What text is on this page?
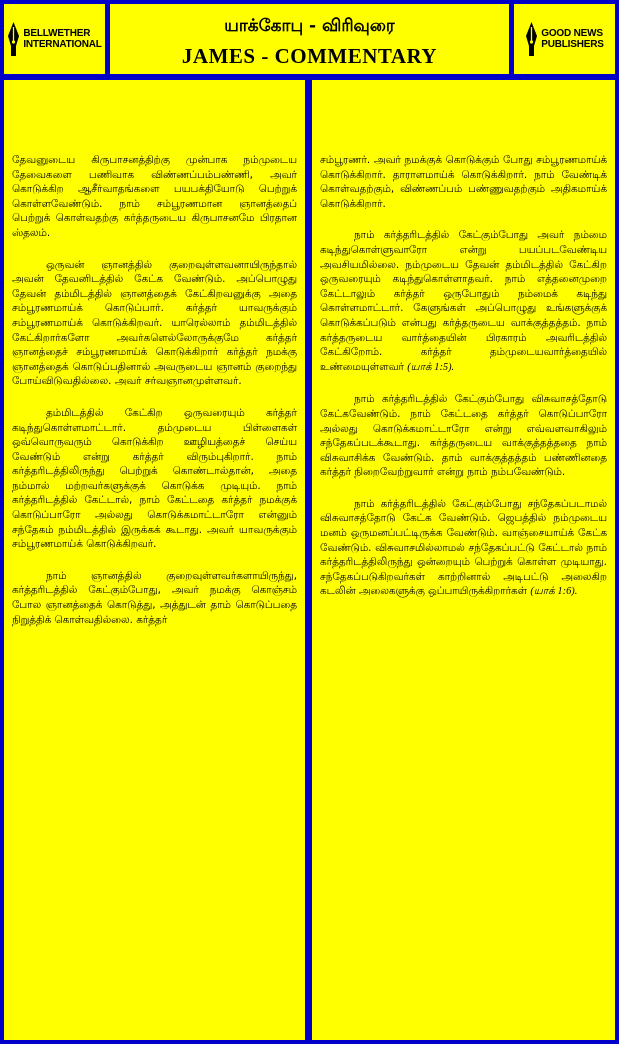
BELLWETHER
INTERNATIONAL
யாக்கோபு - விரிவுரை
JAMES - COMMENTARY
GOOD NEWS
PUBLISHERS

தேவனுடைய கிருபாசனத்திற்கு முன்பாக நம்முடைய தேவைகளை பணிவாக விண்ணப்பம்பண்ணி, அவர் கொடுக்கிற ஆசீர்வாதங்களை பயபக்தியோடு பெற்றுக் கொள்ளவேண்டும். நாம் சம்பூரணமான ஞானத்தைப் பெற்றுக் கொள்வதற்கு கர்த்தருடைய கிருபாசனமே பிரதான ஸ்தலம்.

ஒருவன் ஞானத்தில் குறைவுள்ளவனாயிருந்தால் அவன் தேவனிடத்தில் கேட்க வேண்டும். அப்பொழுது தேவன் தம்மிடத்தில் ஞானத்தைக் கேட்கிறவனுக்கு அதை சம்பூரணமாய்க் கொடுப்பார். கர்த்தர் யாவருக்கும் சம்பூரணமாய்க் கொடுக்கிறவர். யாரெல்லாம் தம்மிடத்தில் கேட்கிறார்களோ அவர்களெல்லோருக்குமே கர்த்தர் ஞானத்தைச் சம்பூரணமாய்க் கொடுக்கிறார் கர்த்தர் நமக்கு ஞானத்தைக் கொடுப்பதினால் அவருடைய ஞானம் குறைந்து போய்விடுவதில்லை. அவர் சர்வஞானமுள்ளவர்.

தம்மிடத்தில் கேட்கிற ஒருவரையும் கர்த்தர் கடிந்துகொள்ளமாட்டார். தம்முடைய பிள்ளைகள் ஒவ்வொருவரும் கொடுக்கிற ஊழியத்தைச் செய்ய வேண்டும் என்று கர்த்தர் விரும்புகிறார். நாம் கர்த்தரிடத்திலிருந்து பெற்றுக் கொண்டால்தான், அதை நம்மால் மற்றவர்களுக்குக் கொடுக்க முடியும். நாம் கர்த்தரிடத்தில் கேட்டால், நாம் கேட்டதை கர்த்தர் நமக்குக் கொடுப்பாரோ அல்லது கொடுக்கமாட்டாரோ என்னும் சந்தேகம் நம்மிடத்தில் இருக்கக் கூடாது. அவர் யாவருக்கும் சம்பூரணமாய்க் கொடுக்கிறவர்.

நாம் ஞானத்தில் குறைவுள்ளவர்களாயிருந்து, கர்த்தரிடத்தில் கேட்கும்போது, அவர் நமக்கு கொஞ்சம் போல ஞானத்தைக் கொடுத்து, அத்துடன் தாம் கொடுப்பதை நிறுத்திக் கொள்வதில்லை. கர்த்தர்

சம்பூரணர். அவர் நமக்குக் கொடுக்கும் போது சம்பூரணமாய்க் கொடுக்கிறார். தாராளமாய்க் கொடுக்கிறார். நாம் வேண்டிக் கொள்வதற்கும், விண்ணப்பம் பண்ணுவதற்கும் அதிகமாய்க் கொடுக்கிறார்.

நாம் கர்த்தரிடத்தில் கேட்கும்போது அவர் நம்மை கடிந்துகொள்ளுவாரோ என்று பயப்படவேண்டிய அவசியமில்லை. நம்முடைய தேவன் தம்மிடத்தில் கேட்கிற ஒருவரையும் கடிந்துகொள்ளாதவர். நாம் எத்தனைமுறை கேட்டாலும் கர்த்தர் ஒருபோதும் நம்மைக் கடிந்து கொள்ளமாட்டார். கேளுங்கள் அப்பொழுது உங்களுக்குக் கொடுக்கப்படும் என்பது கர்த்தருடைய வாக்குத்தத்தம். நாம் கர்த்தருடைய வார்த்தையின் பிரகாரம் அவரிடத்தில் கேட்கிறோம். கர்த்தர் தம்முடையவார்த்தையில் உண்மையுள்ளவர் (யாக் 1:5).

நாம் கர்த்தரிடத்தில் கேட்கும்போது விசுவாசத்தோடு கேட்கவேண்டும். நாம் கேட்டதை கர்த்தர் கொடுப்பாரோ அல்லது கொடுக்கமாட்டாரோ என்று எவ்வளவாகிலும் சந்தேகப்படக்கூடாது. கர்த்தருடைய வாக்குத்தத்ததை நாம் விசுவாசிக்க வேண்டும். தாம் வாக்குத்தத்தம் பண்ணினதை கர்த்தர் நிறைவேற்றுவார் என்று நாம் நம்பவேண்டும்.

நாம் கர்த்தரிடத்தில் கேட்கும்போது சந்தேகப்படாமல் விசுவாசத்தோடு கேட்க வேண்டும். ஜெபத்தில் நம்முடைய மனம் ஒருமனப்பட்டிருக்க வேண்டும். வாஞ்சையாய்க் கேட்க வேண்டும். விசுவாசமில்லாமல் சந்தேகப்பட்டு கேட்டால் நாம் கர்த்தரிடத்திலிருந்து ஒன்றையும் பெற்றுக் கொள்ள முடியாது. சந்தேகப்படுகிறவர்கள் காற்றினால் அடிபட்டு அலைகிற கடலின் அலைகளுக்கு ஒப்பாயிருக்கிறார்கள் (யாக் 1:6).
